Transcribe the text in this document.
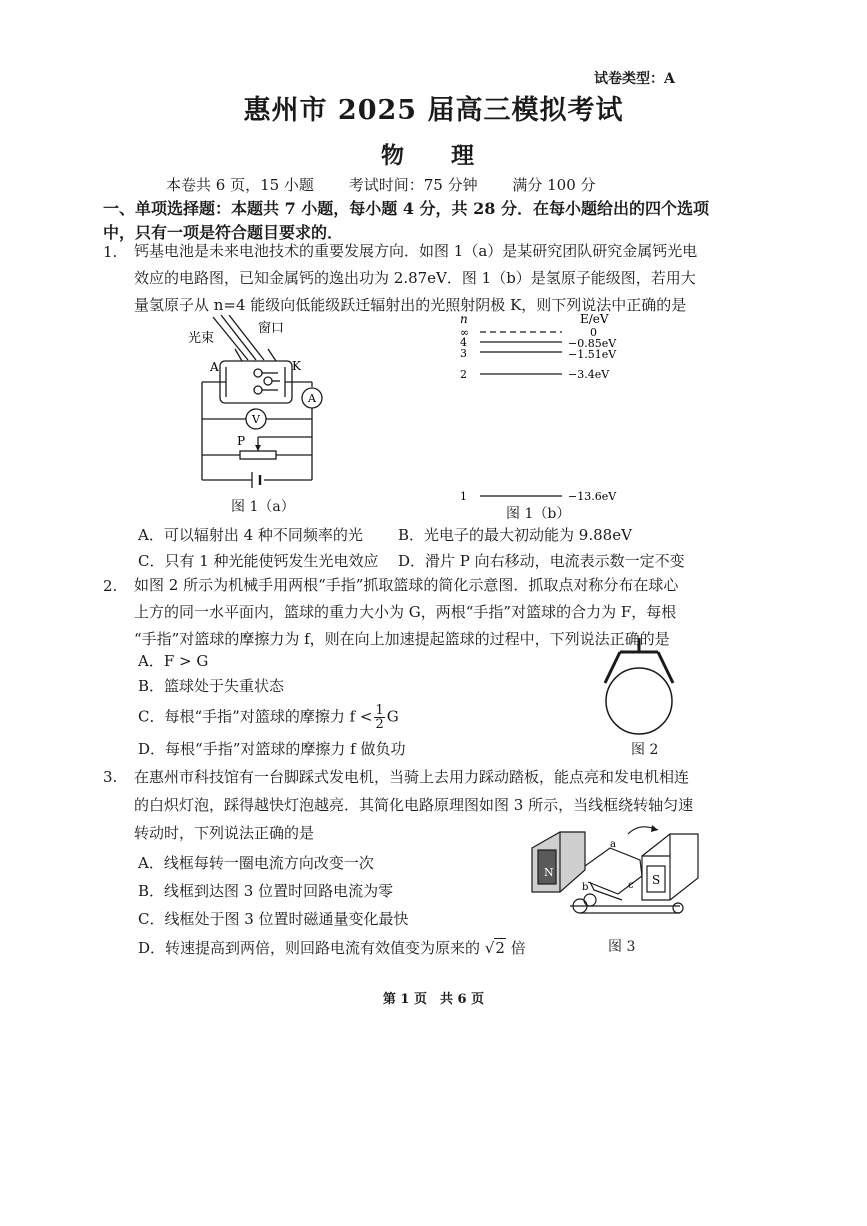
试卷类型：A
惠州市 2025 届高三模拟考试
物　理
本卷共 6 页，15 小题 考试时间：75 分钟 满分 100 分
一、单项选择题：本题共 7 小题，每小题 4 分，共 28 分．在每小题给出的四个选项中，只有一项是符合题目要求的．
1. 钙基电池是未来电池技术的重要发展方向．如图 1（a）是某研究团队研究金属钙光电
效应的电路图，已知金属钙的逸出功为 2.87eV．图 1（b）是氢原子能级图，若用大
量氢原子从 n=4 能级向低能级跃迁辐射出的光照射阴极 K，则下列说法中正确的是
光束
窗口
A	K
V
A
P
图 1（a）
n	E/eV
∞
4
3
2
1
0
−0.85eV
−1.51eV
−3.4eV
−13.6eV
图 1（b）
A．可以辐射出 4 种不同频率的光 B．光电子的最大初动能为 9.88eV
C．只有 1 种光能使钙发生光电效应 D．滑片 P 向右移动，电流表示数一定不变
2. 如图 2 所示为机械手用两根“手指”抓取篮球的简化示意图．抓取点对称分布在球心
上方的同一水平面内，篮球的重力大小为 G，两根“手指”对篮球的合力为 F，每根
“手指”对篮球的摩擦力为 f，则在向上加速提起篮球的过程中，下列说法正确的是
A．F > G
B．篮球处于失重状态
C．每根“手指”对篮球的摩擦力 $f < \frac{1}{2}$ G
D．每根“手指”对篮球的摩擦力 f 做负功	图 2
3. 在惠州市科技馆有一台脚踩式发电机，当骑上去用力踩动踏板，能点亮和发电机相连
的白炽灯泡，踩得越快灯泡越亮．其简化电路原理图如图 3 所示，当线框绕转轴匀速
转动时，下列说法正确的是
A．线框每转一圈电流方向改变一次
B．线框到达图 3 位置时回路电流为零
C．线框处于图 3 位置时磁通量变化最快
D．转速提高到两倍，则回路电流有效值变为原来的 √2 倍
N
S
a
b	c
图 3
第 1 页　共 6 页
